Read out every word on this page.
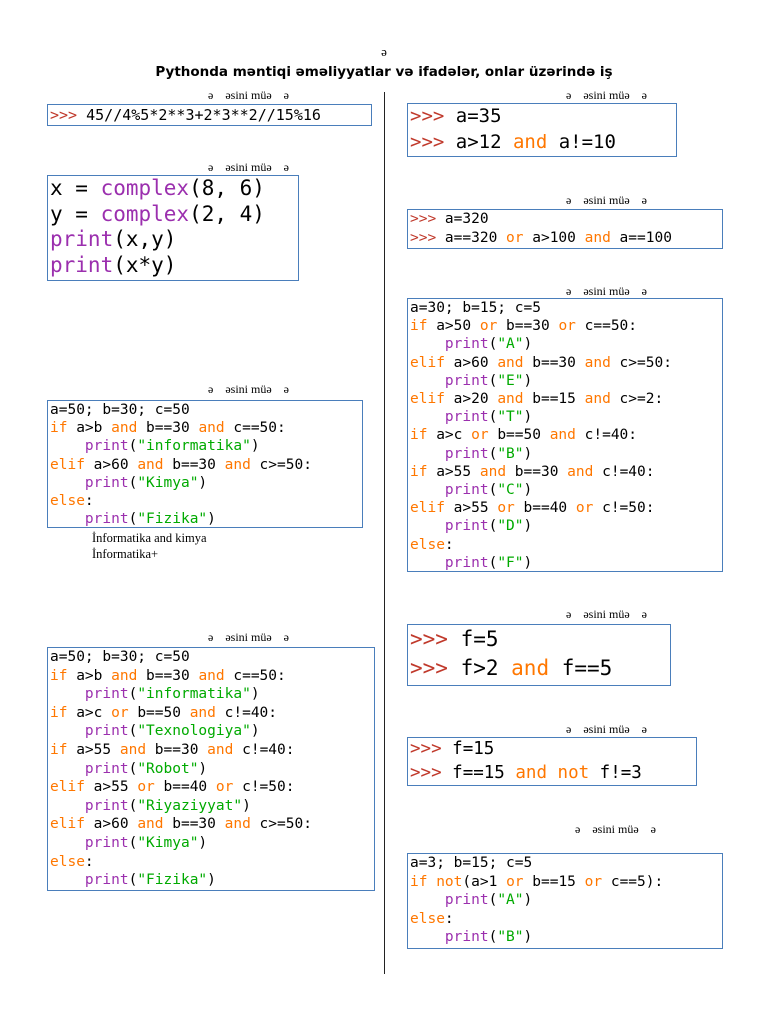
ə
Pythonda məntiqi əməliyyatlar və ifadələr, onlar üzərində iş
ə    əsini müə    ə
ə    əsini müə    ə
ə    əsini müə    ə
ə    əsini müə    ə
ə    əsini müə    ə
ə    əsini müə    ə
ə    əsini müə    ə
ə    əsini müə    ə
ə    əsini müə    ə
ə    əsini müə    ə
>>> 45//4%5*2**3+2*3**2//15%16
x = complex(8, 6)
y = complex(2, 4)
print(x,y)
print(x*y)
a=50; b=30; c=50
if a>b and b==30 and c==50:
print("informatika")
elif a>60 and b==30 and c>=50:
print("Kimya")
else:
print("Fizika")
İnformatika and kimya
İnformatika+
a=50; b=30; c=50
if a>b and b==30 and c==50:
print("informatika")
if a>c or b==50 and c!=40:
print("Texnologiya")
if a>55 and b==30 and c!=40:
print("Robot")
elif a>55 or b==40 or c!=50:
print("Riyaziyyat")
elif a>60 and b==30 and c>=50:
print("Kimya")
else:
print("Fizika")
>>> a=35
>>> a>12 and a!=10
>>> a=320
>>> a==320 or a>100 and a==100
a=30; b=15; c=5
if a>50 or b==30 or c==50:
print("A")
elif a>60 and b==30 and c>=50:
print("E")
elif a>20 and b==15 and c>=2:
print("T")
if a>c or b==50 and c!=40:
print("B")
if a>55 and b==30 and c!=40:
print("C")
elif a>55 or b==40 or c!=50:
print("D")
else:
print("F")
>>> f=5
>>> f>2 and f==5
>>> f=15
>>> f==15 and not f!=3
a=3; b=15; c=5
if not(a>1 or b==15 or c==5):
print("A")
else:
print("B")
